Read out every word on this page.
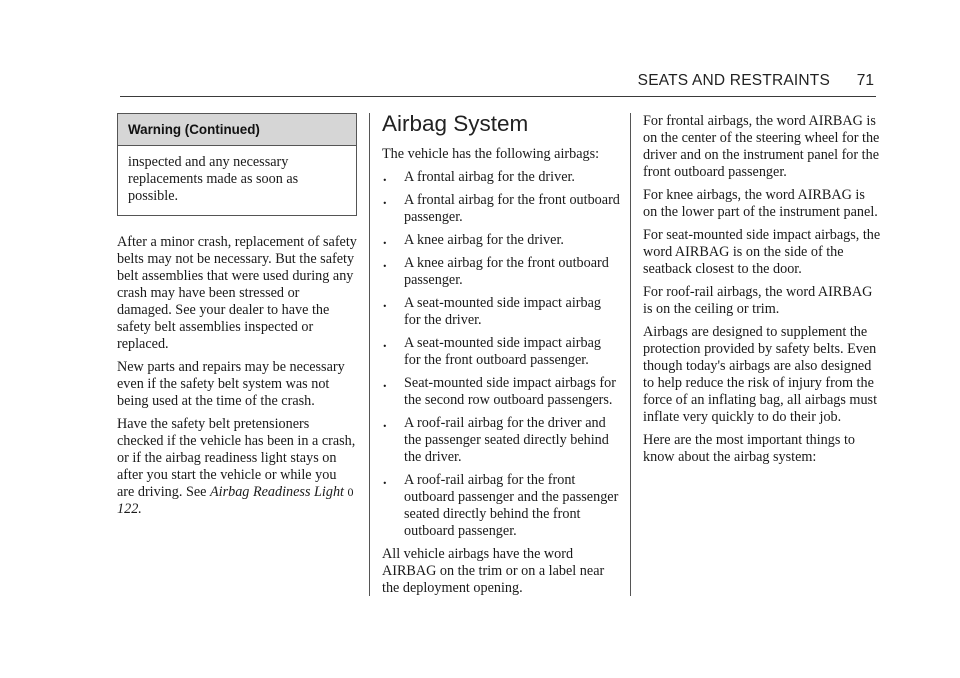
SEATS AND RESTRAINTS 71
Warning (Continued)
inspected and any necessary replacements made as soon as possible.

After a minor crash, replacement of safety belts may not be necessary. But the safety belt assemblies that were used during any crash may have been stressed or damaged. See your dealer to have the safety belt assemblies inspected or replaced.

New parts and repairs may be necessary even if the safety belt system was not being used at the time of the crash.

Have the safety belt pretensioners checked if the vehicle has been in a crash, or if the airbag readiness light stays on after you start the vehicle or while you are driving. See Airbag Readiness Light 0 122.

Airbag System

The vehicle has the following airbags:

. A frontal airbag for the driver.
. A frontal airbag for the front outboard passenger.
. A knee airbag for the driver.
. A knee airbag for the front outboard passenger.
. A seat-mounted side impact airbag for the driver.
. A seat-mounted side impact airbag for the front outboard passenger.
. Seat-mounted side impact airbags for the second row outboard passengers.
. A roof-rail airbag for the driver and the passenger seated directly behind the driver.
. A roof-rail airbag for the front outboard passenger and the passenger seated directly behind the front outboard passenger.

All vehicle airbags have the word AIRBAG on the trim or on a label near the deployment opening.

For frontal airbags, the word AIRBAG is on the center of the steering wheel for the driver and on the instrument panel for the front outboard passenger.

For knee airbags, the word AIRBAG is on the lower part of the instrument panel.

For seat-mounted side impact airbags, the word AIRBAG is on the side of the seatback closest to the door.

For roof-rail airbags, the word AIRBAG is on the ceiling or trim.

Airbags are designed to supplement the protection provided by safety belts. Even though today's airbags are also designed to help reduce the risk of injury from the force of an inflating bag, all airbags must inflate very quickly to do their job.

Here are the most important things to know about the airbag system:
